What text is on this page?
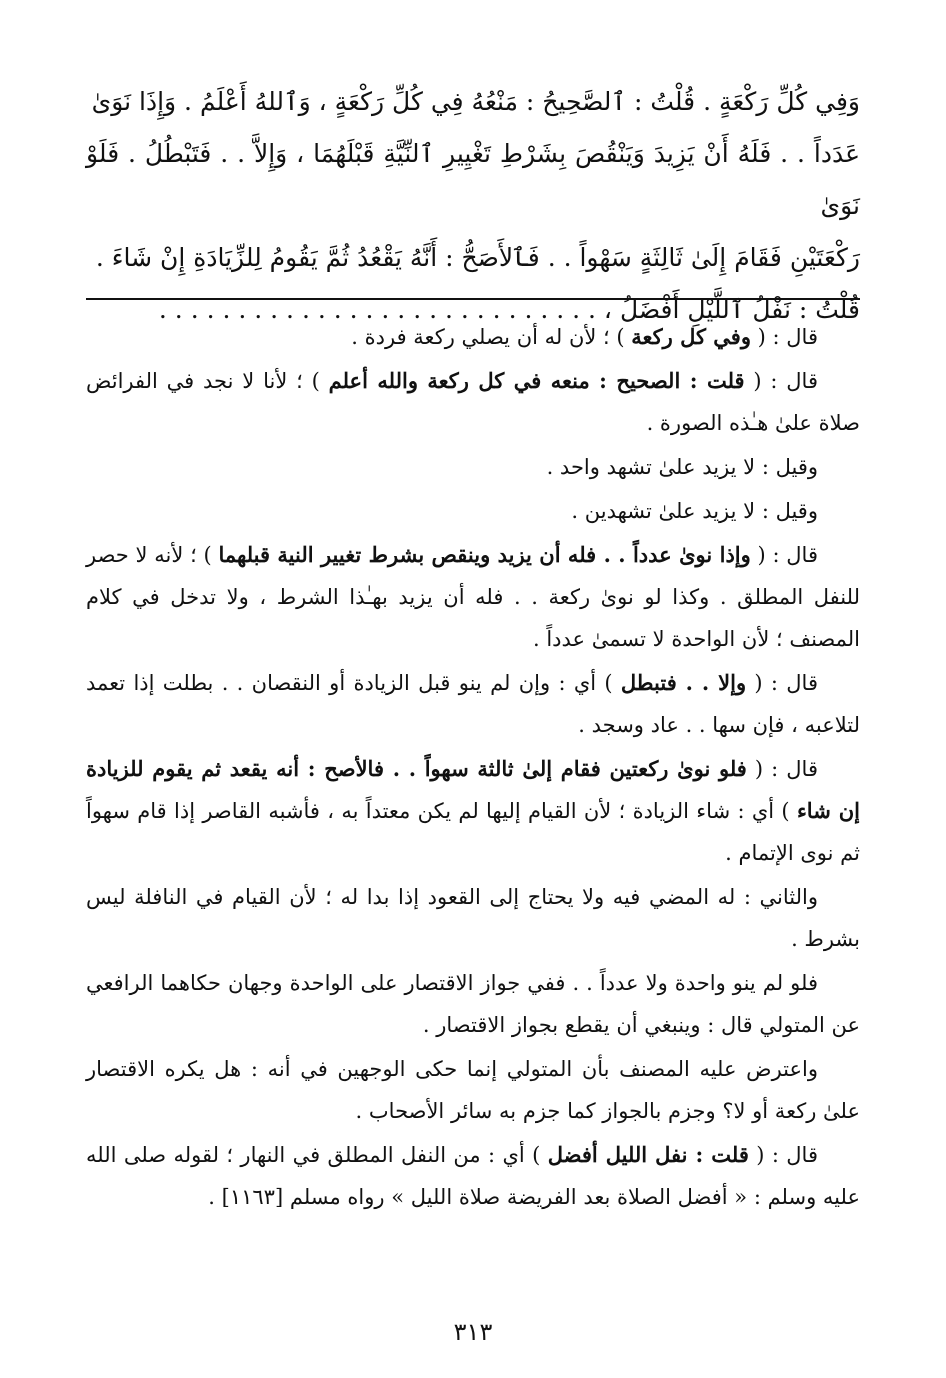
وَفِي كُلِّ رَكْعَةٍ . قُلْتُ : ٱلصَّحِيحُ : مَنْعُهُ فِي كُلِّ رَكْعَةٍ ، وَٱللهُ أَعْلَمُ . وَإِذَا نَوَىٰ

عَدَداً . . فَلَهُ أَنْ يَزِيدَ وَيَنْقُصَ بِشَرْطِ تَغْيِيرِ ٱلنِّيَّةِ قَبْلَهُمَا ، وَإِلاَّ . . فَتَبْطُلُ . فَلَوْ نَوَىٰ

رَكْعَتَيْنِ فَقَامَ إِلَىٰ ثَالِثَةٍ سَهْواً . . فَٱلأَصَحُّ : أَنَّهُ يَقْعُدُ ثُمَّ يَقُومُ لِلزِّيَادَةِ إِنْ شَاءَ .

قُلْتُ : نَفْلُ ٱللَّيْلِ أَفْضَلُ ، . . . . . . . . . . . . . . . . . . . . . . . . . . . .

قال : ( وفي كل ركعة ) ؛ لأن له أن يصلي ركعة فردة .

قال : ( قلت : الصحيح : منعه في كل ركعة والله أعلم ) ؛ لأنا لا نجد في الفرائض صلاة علىٰ هـٰذه الصورة .

وقيل : لا يزيد علىٰ تشهد واحد .

وقيل : لا يزيد علىٰ تشهدين .

قال : ( وإذا نوىٰ عدداً . . فله أن يزيد وينقص بشرط تغيير النية قبلهما ) ؛ لأنه لا حصر للنفل المطلق . وكذا لو نوىٰ ركعة . . فله أن يزيد بهـٰذا الشرط ، ولا تدخل في كلام المصنف ؛ لأن الواحدة لا تسمىٰ عدداً .

قال : ( وإلا . . فتبطل ) أي : وإن لم ينو قبل الزيادة أو النقصان . . بطلت إذا تعمد لتلاعبه ، فإن سها . . عاد وسجد .

قال : ( فلو نوىٰ ركعتين فقام إلىٰ ثالثة سهواً . . فالأصح : أنه يقعد ثم يقوم للزيادة إن شاء ) أي : شاء الزيادة ؛ لأن القيام إليها لم يكن معتداً به ، فأشبه القاصر إذا قام سهواً ثم نوى الإتمام .

والثاني : له المضي فيه ولا يحتاج إلى القعود إذا بدا له ؛ لأن القيام في النافلة ليس بشرط .

فلو لم ينو واحدة ولا عدداً . . ففي جواز الاقتصار على الواحدة وجهان حكاهما الرافعي عن المتولي قال : وينبغي أن يقطع بجواز الاقتصار .

واعترض عليه المصنف بأن المتولي إنما حكى الوجهين في أنه : هل يكره الاقتصار علىٰ ركعة أو لا؟ وجزم بالجواز كما جزم به سائر الأصحاب .

قال : ( قلت : نفل الليل أفضل ) أي : من النفل المطلق في النهار ؛ لقوله صلى الله عليه وسلم : « أفضل الصلاة بعد الفريضة صلاة الليل » رواه مسلم [١١٦٣] .

٣١٣
